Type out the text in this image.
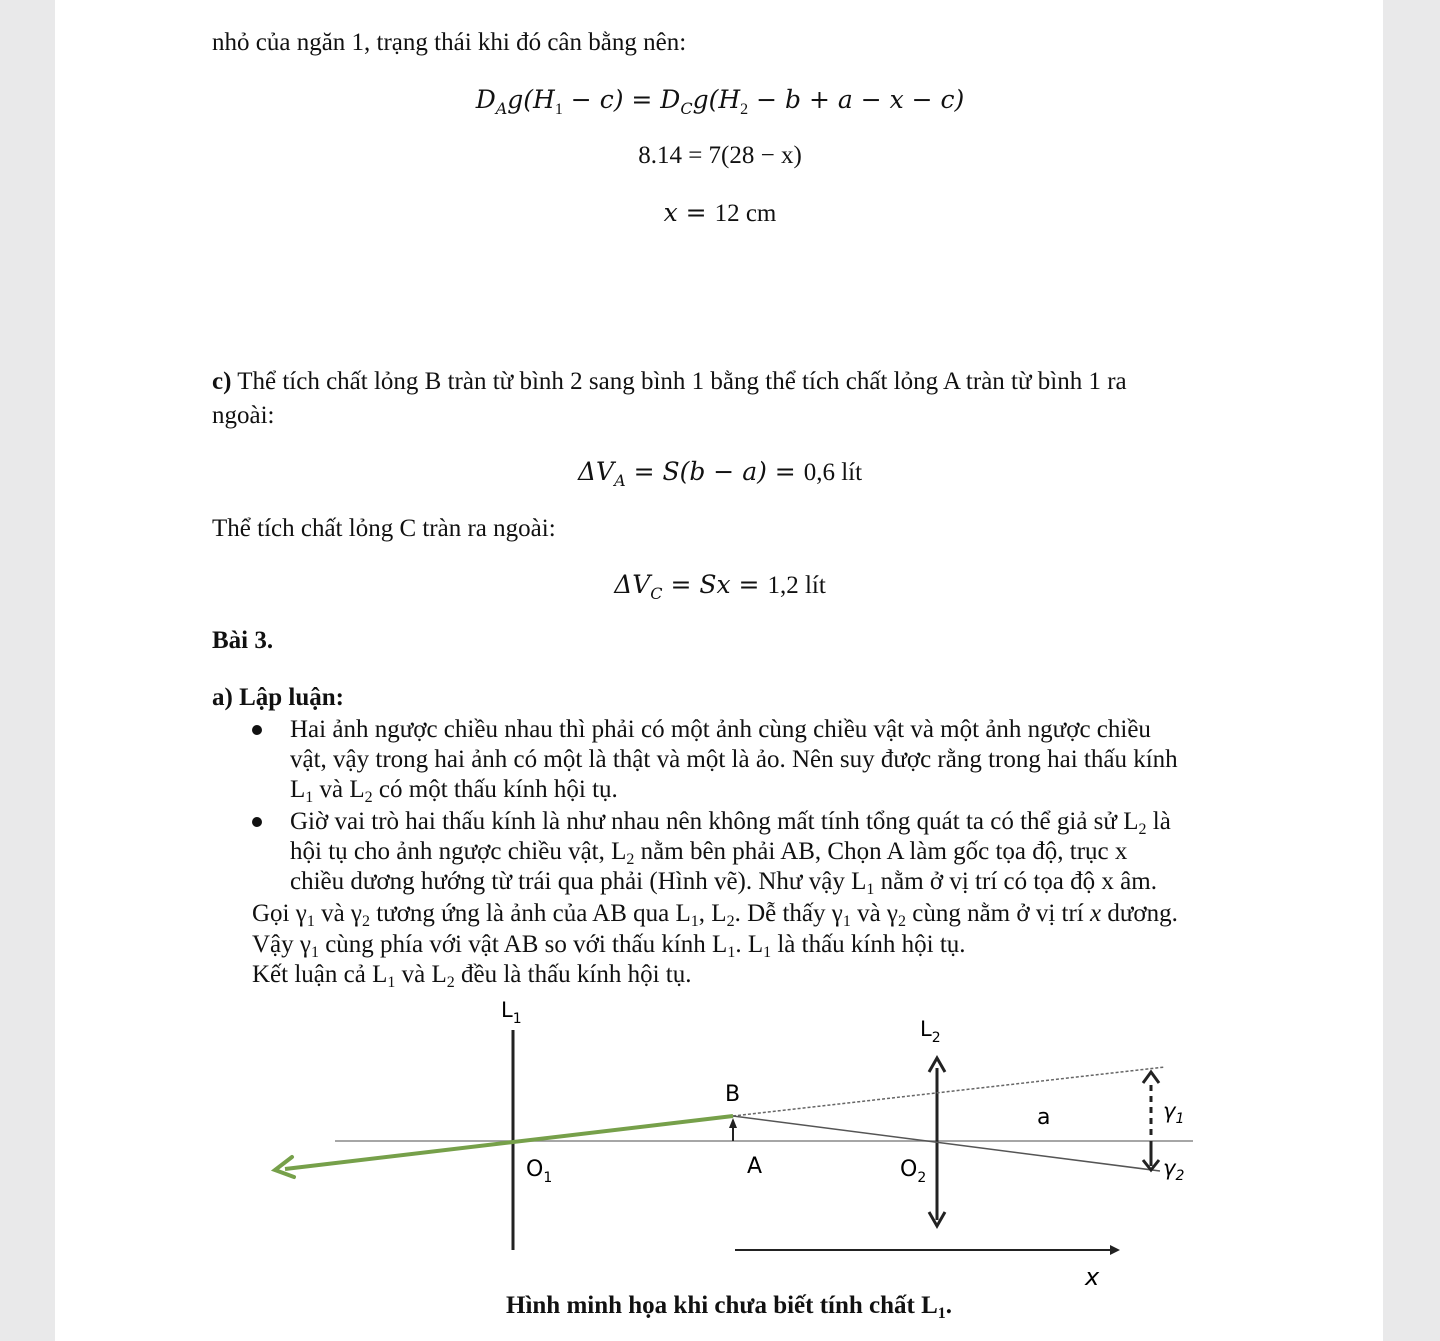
nhỏ của ngăn 1, trạng thái khi đó cân bằng nên:
$D_Ag(H_1 - c) = D_Cg(H_2 - b + a - x - c)$
8.14 = 7(28 − x)
x = 12 cm
c) Thể tích chất lỏng B tràn từ bình 2 sang bình 1 bằng thể tích chất lỏng A tràn từ bình 1 ra
ngoài:
$\Delta V_A = S(b - a) = 0,6$ lít
Thể tích chất lỏng C tràn ra ngoài:
$\Delta V_C = Sx = 1,2$ lít
Bài 3.
a) Lập luận:
Hai ảnh ngược chiều nhau thì phải có một ảnh cùng chiều vật và một ảnh ngược chiều
vật, vậy trong hai ảnh có một là thật và một là ảo. Nên suy được rằng trong hai thấu kính
$L_1$ và $L_2$ có một thấu kính hội tụ.
Giờ vai trò hai thấu kính là như nhau nên không mất tính tổng quát ta có thể giả sử $L_2$ là
hội tụ cho ảnh ngược chiều vật, $L_2$ nằm bên phải AB, Chọn A làm gốc tọa độ, trục x
chiều dương hướng từ trái qua phải (Hình vẽ). Như vậy $L_1$ nằm ở vị trí có tọa độ x âm.
Gọi $\gamma_1$ và $\gamma_2$ tương ứng là ảnh của AB qua $L_1$, $L_2$. Dễ thấy $\gamma_1$ và $\gamma_2$ cùng nằm ở vị trí x dương.
Vậy $\gamma_1$ cùng phía với vật AB so với thấu kính $L_1$. $L_1$ là thấu kính hội tụ.
Kết luận cả $L_1$ và $L_2$ đều là thấu kính hội tụ.
$L_1$	$L_2$
B
A
$O_1$	$O_2$
a	$\gamma_1$
$\gamma_2$
x
Hình minh họa khi chưa biết tính chất $L_1$.
